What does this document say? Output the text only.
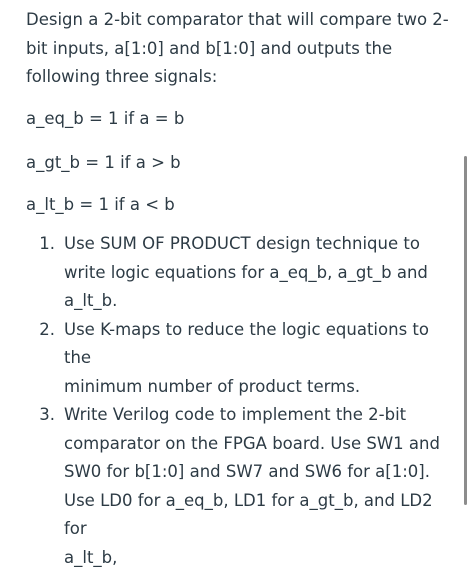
Design a 2-bit comparator that will compare two 2-
bit inputs, a[1:0] and b[1:0] and outputs the
following three signals:

a_eq_b = 1 if a = b

a_gt_b = 1 if a > b

a_lt_b = 1 if a < b

1. Use SUM OF PRODUCT design technique to
write logic equations for a_eq_b, a_gt_b and
a_lt_b.
2. Use K-maps to reduce the logic equations to the
minimum number of product terms.
3. Write Verilog code to implement the 2-bit
comparator on the FPGA board. Use SW1 and
SW0 for b[1:0] and SW7 and SW6 for a[1:0].
Use LD0 for a_eq_b, LD1 for a_gt_b, and LD2 for
a_lt_b,
